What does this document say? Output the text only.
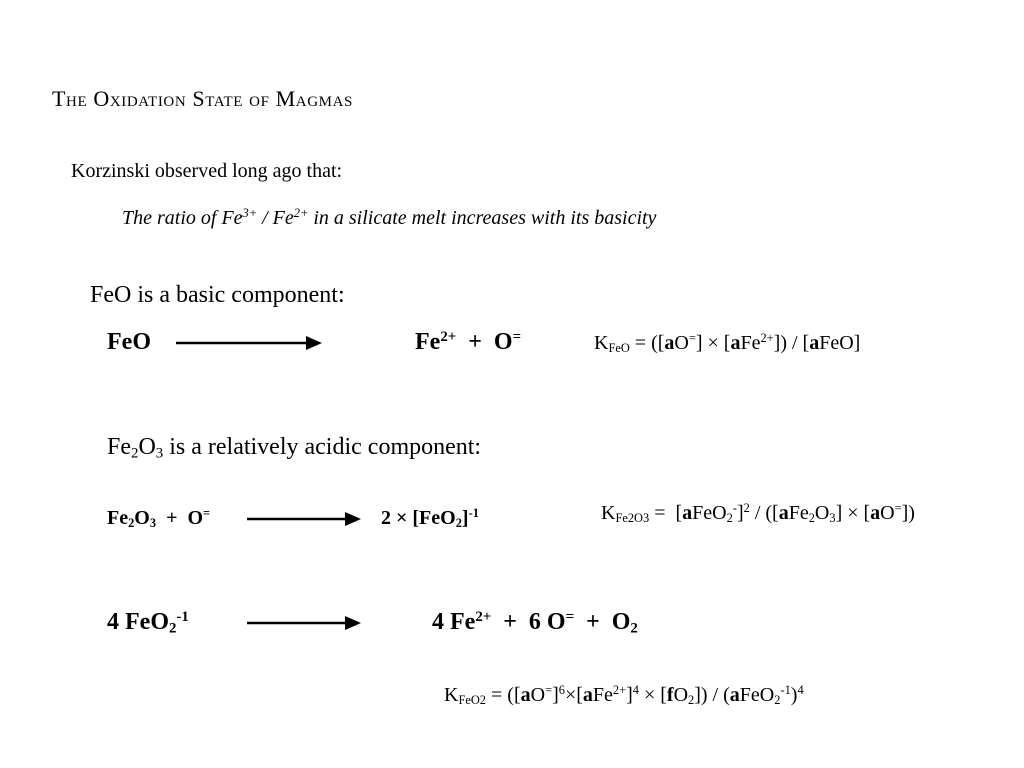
The Oxidation State of Magmas
Korzinski observed long ago that:
The ratio of $Fe^{3+} / Fe^{2+}$ in a silicate melt increases with its basicity
FeO is a basic component:
FeO	$Fe^{2+} + O^=$	$K_{FeO} = ([aO^=] \times [aFe^{2+}])$ / [aFeO]
$Fe_2O_3$ is a relatively acidic component:
$Fe_2O_3 + O^=$	$2 \times [FeO_2]^{-1}$	$K_{Fe2O3}$ =  [aFeO$_2$-]$^2$ / $([aFe_2O_3] \times [aO^=])$
4 FeO$_2^{-1}$	4 $Fe^{2+} + 6$ $O^= + O_2$
$K_{FeO2} = ([aO^=]^6\times[aFe^{2+}]^4 \times [fO_2])$ / (aFeO$_2^{-1}$)$^4$
